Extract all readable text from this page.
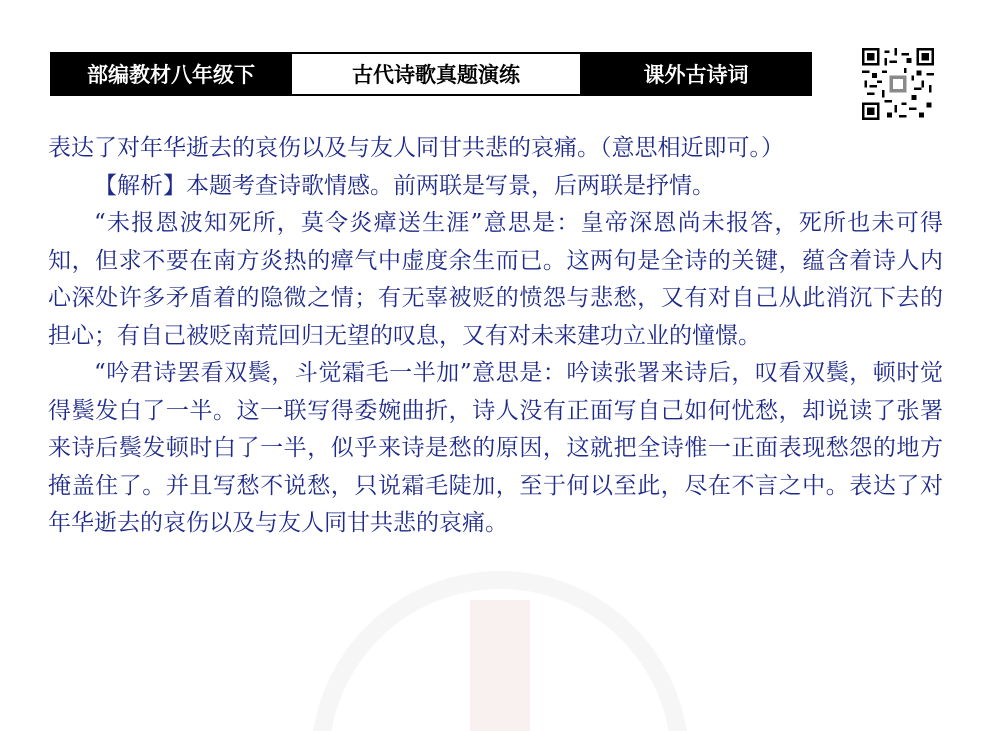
部编教材八年级下	古代诗歌真题演练	课外古诗词

表达了对年华逝去的哀伤以及与友人同甘共悲的哀痛。（意思相近即可。）

【解析】本题考查诗歌情感。前两联是写景，后两联是抒情。

“未报恩波知死所，莫令炎瘴送生涯”意思是：皇帝深恩尚未报答，死所也未可得知，但求不要在南方炎热的瘴气中虚度余生而已。这两句是全诗的关键，蕴含着诗人内心深处许多矛盾着的隐微之情；有无辜被贬的愤怨与悲愁，又有对自己从此消沉下去的担心；有自己被贬南荒回归无望的叹息，又有对未来建功立业的憧憬。

“吟君诗罢看双鬓，斗觉霜毛一半加”意思是：吟读张署来诗后，叹看双鬓，顿时觉得鬓发白了一半。这一联写得委婉曲折，诗人没有正面写自己如何忧愁，却说读了张署来诗后鬓发顿时白了一半，似乎来诗是愁的原因，这就把全诗惟一正面表现愁怨的地方掩盖住了。并且写愁不说愁，只说霜毛陡加，至于何以至此，尽在不言之中。表达了对年华逝去的哀伤以及与友人同甘共悲的哀痛。
